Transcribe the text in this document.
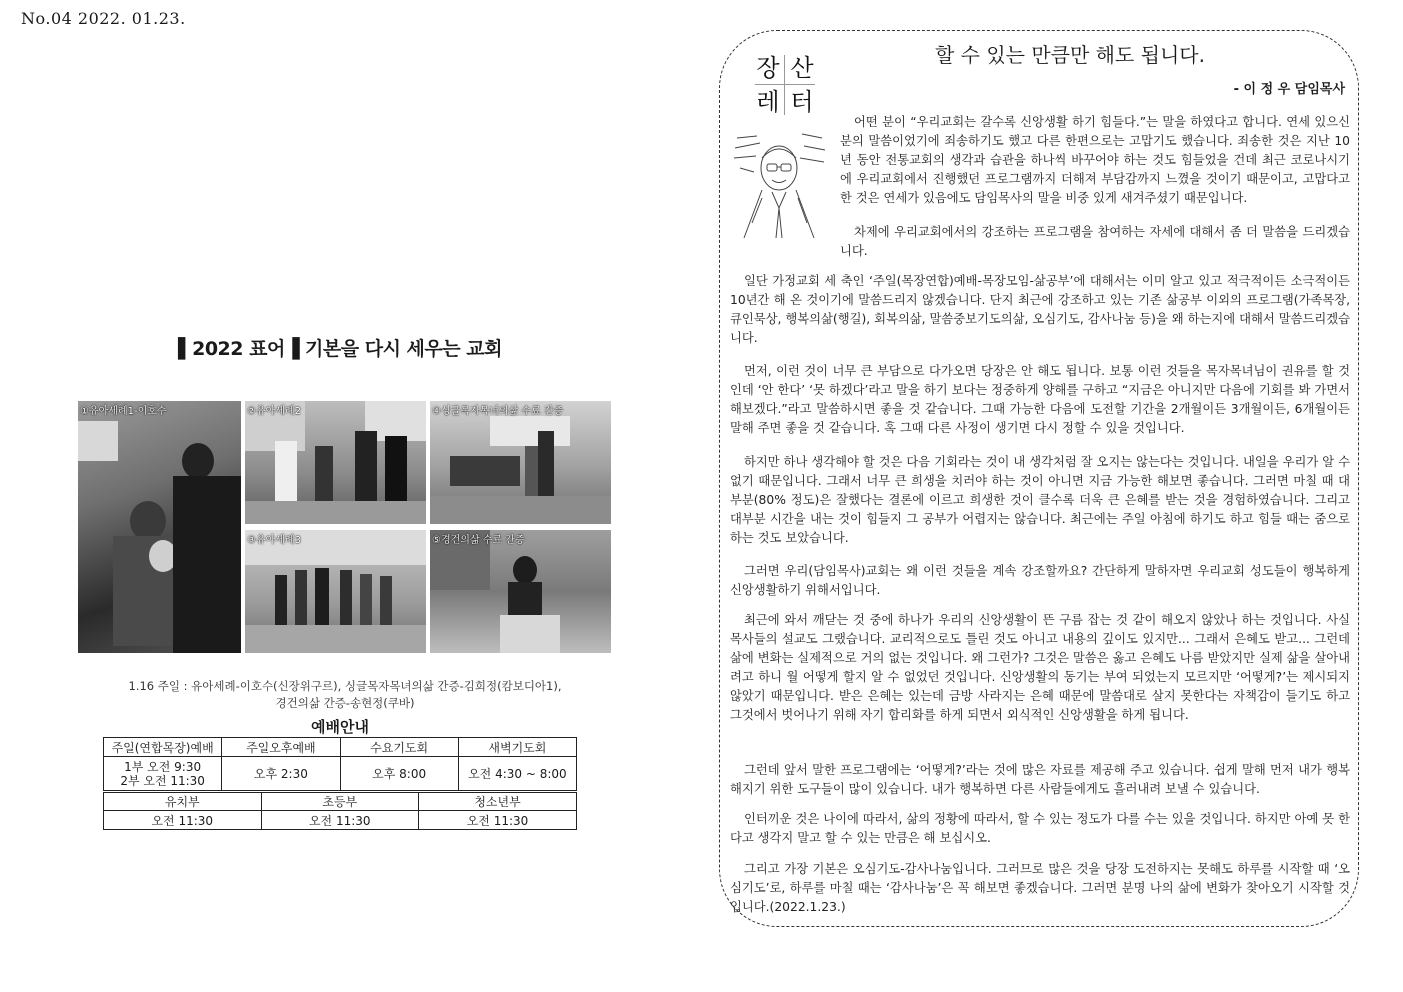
No.04 2022. 01.23.
▌2022 표어▐ 기본을 다시 세우는 교회
①유아세례1-이호수	②유아세례2	④싱글목자목녀의삶 수료 간증
③유아세례3	⑤경건의삶 수료 간증
1.16 주일 : 유아세례-이호수(신장위구르), 싱글목자목녀의삶 간증-김희정(캄보디아1),
경건의삶 간증-송현정(쿠바)
예배안내
주일(연합목장)예배	주일오후예배	수요기도회	새벽기도회

1부 오전 9:30
2부 오전 11:30	오후 2:30	오후 8:00	오전 4:30 ~ 8:00
유치부	초등부	청소년부
오전 11:30	오전 11:30	오전 11:30
장 산
레 터
할 수 있는 만큼만 해도 됩니다.
- 이 정 우 담임목사

어떤 분이 “우리교회는 갈수록 신앙생활 하기 힘들다.”는 말을 하였다고 합니다. 연세 있으신 분의 말씀이었기에 죄송하기도 했고 다른 한편으로는 고맙기도 했습니다. 죄송한 것은 지난 10년 동안 전통교회의 생각과 습관을 하나씩 바꾸어야 하는 것도 힘들었을 건데 최근 코로나시기에 우리교회에서 진행했던 프로그램까지 더해져 부담감까지 느꼈을 것이기 때문이고, 고맙다고 한 것은 연세가 있음에도 담임목사의 말을 비중 있게 새겨주셨기 때문입니다.

차제에 우리교회에서의 강조하는 프로그램을 참여하는 자세에 대해서 좀 더 말씀을 드리겠습니다.

일단 가정교회 세 축인 ‘주일(목장연합)예배-목장모임-삶공부’에 대해서는 이미 알고 있고 적극적이든 소극적이든 10년간 해 온 것이기에 말씀드리지 않겠습니다. 단지 최근에 강조하고 있는 기존 삶공부 이외의 프로그램(가족목장, 큐인묵상, 행복의삶(행길), 회복의삶, 말씀중보기도의삶, 오심기도, 감사나눔 등)을 왜 하는지에 대해서 말씀드리겠습니다.

먼저, 이런 것이 너무 큰 부담으로 다가오면 당장은 안 해도 됩니다. 보통 이런 것들을 목자목녀님이 권유를 할 것인데 ‘안 한다’ ‘못 하겠다’라고 말을 하기 보다는 정중하게 양해를 구하고 “지금은 아니지만 다음에 기회를 봐 가면서 해보겠다.”라고 말씀하시면 좋을 것 같습니다. 그때 가능한 다음에 도전할 기간을 2개월이든 3개월이든, 6개월이든 말해 주면 좋을 것 같습니다. 혹 그때 다른 사정이 생기면 다시 정할 수 있을 것입니다.

하지만 하나 생각해야 할 것은 다음 기회라는 것이 내 생각처럼 잘 오지는 않는다는 것입니다. 내일을 우리가 알 수 없기 때문입니다. 그래서 너무 큰 희생을 치러야 하는 것이 아니면 지금 가능한 해보면 좋습니다. 그러면 마칠 때 대부분(80% 정도)은 잘했다는 결론에 이르고 희생한 것이 클수록 더욱 큰 은혜를 받는 것을 경험하였습니다. 그리고 대부분 시간을 내는 것이 힘들지 그 공부가 어렵지는 않습니다. 최근에는 주일 아침에 하기도 하고 힘들 때는 줌으로 하는 것도 보았습니다.

그러면 우리(담임목사)교회는 왜 이런 것들을 계속 강조할까요? 간단하게 말하자면 우리교회 성도들이 행복하게 신앙생활하기 위해서입니다.

최근에 와서 깨닫는 것 중에 하나가 우리의 신앙생활이 뜬 구름 잡는 것 같이 해오지 않았나 하는 것입니다. 사실 목사들의 설교도 그랬습니다. 교리적으로도 틀린 것도 아니고 내용의 깊이도 있지만... 그래서 은혜도 받고... 그런데 삶에 변화는 실제적으로 거의 없는 것입니다. 왜 그런가? 그것은 말씀은 옳고 은혜도 나름 받았지만 실제 삶을 살아내려고 하니 월 어떻게 할지 알 수 없었던 것입니다. 신앙생활의 동기는 부여 되었는지 모르지만 ‘어떻게?’는 제시되지 않았기 때문입니다. 받은 은혜는 있는데 금방 사라지는 은혜 때문에 말씀대로 살지 못한다는 자책감이 들기도 하고 그것에서 벗어나기 위해 자기 합리화를 하게 되면서 외식적인 신앙생활을 하게 됩니다.

그런데 앞서 말한 프로그램에는 ‘어떻게?’라는 것에 많은 자료를 제공해 주고 있습니다. 쉽게 말해 먼저 내가 행복해지기 위한 도구들이 많이 있습니다. 내가 행복하면 다른 사람들에게도 흘러내려 보낼 수 있습니다.

인터끼운 것은 나이에 따라서, 삶의 정황에 따라서, 할 수 있는 정도가 다를 수는 있을 것입니다. 하지만 아예 못 한다고 생각지 말고 할 수 있는 만큼은 해 보십시오.

그리고 가장 기본은 오심기도-감사나눔입니다. 그러므로 많은 것을 당장 도전하지는 못해도 하루를 시작할 때 ‘오심기도’로, 하루를 마칠 때는 ‘감사나눔’은 꼭 해보면 좋겠습니다. 그러면 분명 나의 삶에 변화가 찾아오기 시작할 것입니다.(2022.1.23.)
